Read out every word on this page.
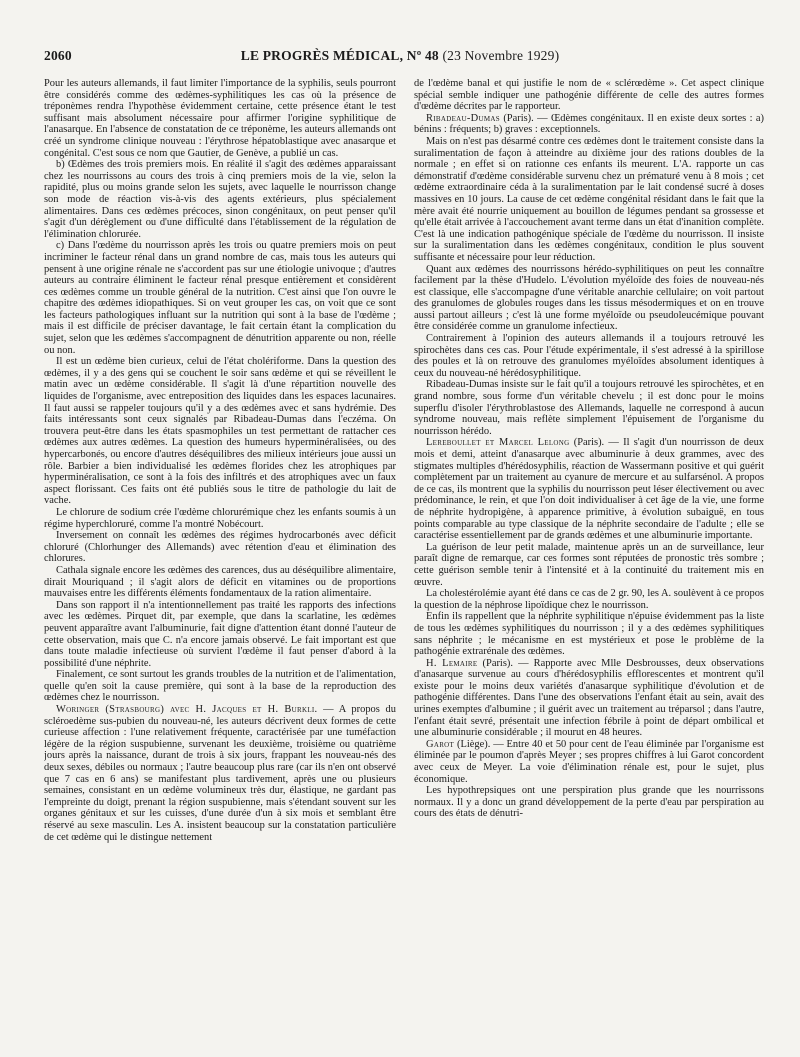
2060	LE PROGRÈS MÉDICAL, Nº 48 (23 Novembre 1929)

Pour les auteurs allemands, il faut limiter l'importance de la syphilis, seuls pourront être considérés comme des œdèmes-syphilitiques les cas où la présence de tréponèmes rendra l'hypothèse évidemment certaine, cette présence étant le test suffisant mais absolument nécessaire pour affirmer l'origine syphilitique de l'anasarque. En l'absence de constatation de ce tréponème, les auteurs allemands ont créé un syndrome clinique nouveau : l'érythrose hépatoblastique avec anasarque et congénital. C'est sous ce nom que Gautier, de Genève, a publié un cas.

b) Œdèmes des trois premiers mois. En réalité il s'agit des œdèmes apparaissant chez les nourrissons au cours des trois à cinq premiers mois de la vie, selon la rapidité, plus ou moins grande selon les sujets, avec laquelle le nourrisson change son mode de réaction vis-à-vis des agents extérieurs, plus spécialement alimentaires. Dans ces œdèmes précoces, sinon congénitaux, on peut penser qu'il s'agit d'un dérèglement ou d'une difficulté dans l'établissement de la régulation de l'élimination chlorurée.

c) Dans l'œdème du nourrisson après les trois ou quatre premiers mois on peut incriminer le facteur rénal dans un grand nombre de cas, mais tous les auteurs qui pensent à une origine rénale ne s'accordent pas sur une étiologie univoque ; d'autres auteurs au contraire éliminent le facteur rénal presque entièrement et considèrent ces œdèmes comme un trouble général de la nutrition. C'est ainsi que l'on ouvre le chapitre des œdèmes idiopathiques. Si on veut grouper les cas, on voit que ce sont les facteurs pathologiques influant sur la nutrition qui sont à la base de l'œdème ; mais il est difficile de préciser davantage, le fait certain étant la complication du sujet, selon que les œdèmes s'accompagnent de dénutrition apparente ou non, réelle ou non.

Il est un œdème bien curieux, celui de l'état cholériforme. Dans la question des œdèmes, il y a des gens qui se couchent le soir sans œdème et qui se réveillent le matin avec un œdème considérable. Il s'agit là d'une répartition nouvelle des liquides de l'organisme, avec entreposition des liquides dans les espaces lacunaires. Il faut aussi se rappeler toujours qu'il y a des œdèmes avec et sans hydrémie. Des faits intéressants sont ceux signalés par Ribadeau-Dumas dans l'eczéma. On trouvera peut-être dans les états spasmophiles un test permettant de rattacher ces œdèmes aux autres œdèmes. La question des humeurs hyperminéralisées, ou des hypercarbonés, ou encore d'autres déséquilibres des milieux intérieurs joue aussi un rôle. Barbier a bien individualisé les œdèmes florides chez les atrophiques par hyperminéralisation, ce sont à la fois des infiltrés et des atrophiques avec un faux aspect florissant. Ces faits ont été publiés sous le titre de pathologie du lait de vache.

Le chlorure de sodium crée l'œdème chlorurémique chez les enfants soumis à un régime hyperchloruré, comme l'a montré Nobécourt.

Inversement on connaît les œdèmes des régimes hydrocarbonés avec déficit chloruré (Chlorhunger des Allemands) avec rétention d'eau et élimination des chlorures.

Cathala signale encore les œdèmes des carences, dus au déséquilibre alimentaire, dirait Mouriquand ; il s'agit alors de déficit en vitamines ou de proportions mauvaises entre les différents éléments fondamentaux de la ration alimentaire.

Dans son rapport il n'a intentionnellement pas traité les rapports des infections avec les œdèmes. Pirquet dit, par exemple, que dans la scarlatine, les œdèmes peuvent apparaître avant l'albuminurie, fait digne d'attention étant donné l'auteur de cette observation, mais que C. n'a encore jamais observé. Le fait important est que dans toute maladie infectieuse où survient l'œdème il faut penser d'abord à la possibilité d'une néphrite.

Finalement, ce sont surtout les grands troubles de la nutrition et de l'alimentation, quelle qu'en soit la cause première, qui sont à la base de la reproduction des œdèmes chez le nourrisson.

Woringer (Strasbourg) avec H. Jacques et H. Burkli. — A propos du scléroedème sus-pubien du nouveau-né, les auteurs décrivent deux formes de cette curieuse affection : l'une relativement fréquente, caractérisée par une tuméfaction légère de la région suspubienne, survenant les deuxième, troisième ou quatrième jours après la naissance, durant de trois à six jours, frappant les nouveau-nés des deux sexes, débiles ou normaux ; l'autre beaucoup plus rare (car ils n'en ont observé que 7 cas en 6 ans) se manifestant plus tardivement, après une ou plusieurs semaines, consistant en un œdème volumineux très dur, élastique, ne gardant pas l'empreinte du doigt, prenant la région suspubienne, mais s'étendant souvent sur les organes génitaux et sur les cuisses, d'une durée d'un à six mois et semblant être réservé au sexe masculin. Les A. insistent beaucoup sur la constatation particulière de cet œdème qui le distingue nettement

de l'œdème banal et qui justifie le nom de « sclérœdème ». Cet aspect clinique spécial semble indiquer une pathogénie différente de celle des autres formes d'œdème décrites par le rapporteur.

Ribadeau-Dumas (Paris). — Œdèmes congénitaux. Il en existe deux sortes : a) bénins : fréquents; b) graves : exceptionnels.

Mais on n'est pas désarmé contre ces œdèmes dont le traitement consiste dans la suralimentation de façon à atteindre au dixième jour des rations doubles de la normale ; en effet si on rationne ces enfants ils meurent. L'A. rapporte un cas démonstratif d'œdème considérable survenu chez un prématuré venu à 8 mois ; cet œdème extraordinaire céda à la suralimentation par le lait condensé sucré à doses massives en 10 jours. La cause de cet œdème congénital résidant dans le fait que la mère avait été nourrie uniquement au bouillon de légumes pendant sa grossesse et qu'elle était arrivée à l'accouchement avant terme dans un état d'inanition complète. C'est là une indication pathogénique spéciale de l'œdème du nourrisson. Il insiste sur la suralimentation dans les œdèmes congénitaux, condition le plus souvent suffisante et nécessaire pour leur réduction.

Quant aux œdèmes des nourrissons hérédo-syphilitiques on peut les connaître facilement par la thèse d'Hudelo. L'évolution myéloïde des foies de nouveau-nés est classique, elle s'accompagne d'une véritable anarchie cellulaire; on voit partout des granulomes de globules rouges dans les tissus mésodermiques et on en trouve aussi partout ailleurs ; c'est là une forme myéloïde ou pseudoleucémique pouvant être considérée comme un granulome infectieux.

Contrairement à l'opinion des auteurs allemands il a toujours retrouvé les spirochètes dans ces cas. Pour l'étude expérimentale, il s'est adressé à la spirillose des poules et là on retrouve des granulomes myéloïdes absolument identiques à ceux du nouveau-né hérédosyphilitique.

Ribadeau-Dumas insiste sur le fait qu'il a toujours retrouvé les spirochètes, et en grand nombre, sous forme d'un véritable chevelu ; il est donc pour le moins superflu d'isoler l'érythroblastose des Allemands, laquelle ne correspond à aucun syndrome nouveau, mais reflète simplement l'épuisement de l'organisme du nourrisson hérédo.

Lereboullet et Marcel Lelong (Paris). — Il s'agit d'un nourrisson de deux mois et demi, atteint d'anasarque avec albuminurie à deux grammes, avec des stigmates multiples d'hérédosyphilis, réaction de Wassermann positive et qui guérit complètement par un traitement au cyanure de mercure et au sulfarsénol. A propos de ce cas, ils montrent que la syphilis du nourrisson peut léser électivement ou avec prédominance, le rein, et que l'on doit individualiser à cet âge de la vie, une forme de néphrite hydropigène, à apparence primitive, à évolution subaiguë, en tous points comparable au type classique de la néphrite secondaire de l'adulte ; elle se caractérise essentiellement par de grands œdèmes et une albuminurie importante.

La guérison de leur petit malade, maintenue après un an de surveillance, leur paraît digne de remarque, car ces formes sont réputées de pronostic très sombre ; cette guérison semble tenir à l'intensité et à la continuité du traitement mis en œuvre.

La cholestérolémie ayant été dans ce cas de 2 gr. 90, les A. soulèvent à ce propos la question de la néphrose lipoïdique chez le nourrisson.

Enfin ils rappellent que la néphrite syphilitique n'épuise évidemment pas la liste de tous les œdèmes syphilitiques du nourrisson ; il y a des œdèmes syphilitiques sans néphrite ; le mécanisme en est mystérieux et pose le problème de la pathogénie extrarénale des œdèmes.

H. Lemaire (Paris). — Rapporte avec Mlle Desbrousses, deux observations d'anasarque survenue au cours d'hérédosyphilis efflorescentes et montrent qu'il existe pour le moins deux variétés d'anasarque syphilitique d'évolution et de pathogénie différentes. Dans l'une des observations l'enfant était au sein, avait des urines exemptes d'albumine ; il guérit avec un traitement au tréparsol ; dans l'autre, l'enfant était sevré, présentait une infection fébrile à point de départ ombilical et une albuminurie considérable ; il mourut en 48 heures.

Garot (Liège). — Entre 40 et 50 pour cent de l'eau éliminée par l'organisme est éliminée par le poumon d'après Meyer ; ses propres chiffres à lui Garot concordent avec ceux de Meyer. La voie d'élimination rénale est, pour le sujet, plus économique.

Les hypothrepsiques ont une perspiration plus grande que les nourrissons normaux. Il y a donc un grand développement de la perte d'eau par perspiration au cours des états de dénutri-
